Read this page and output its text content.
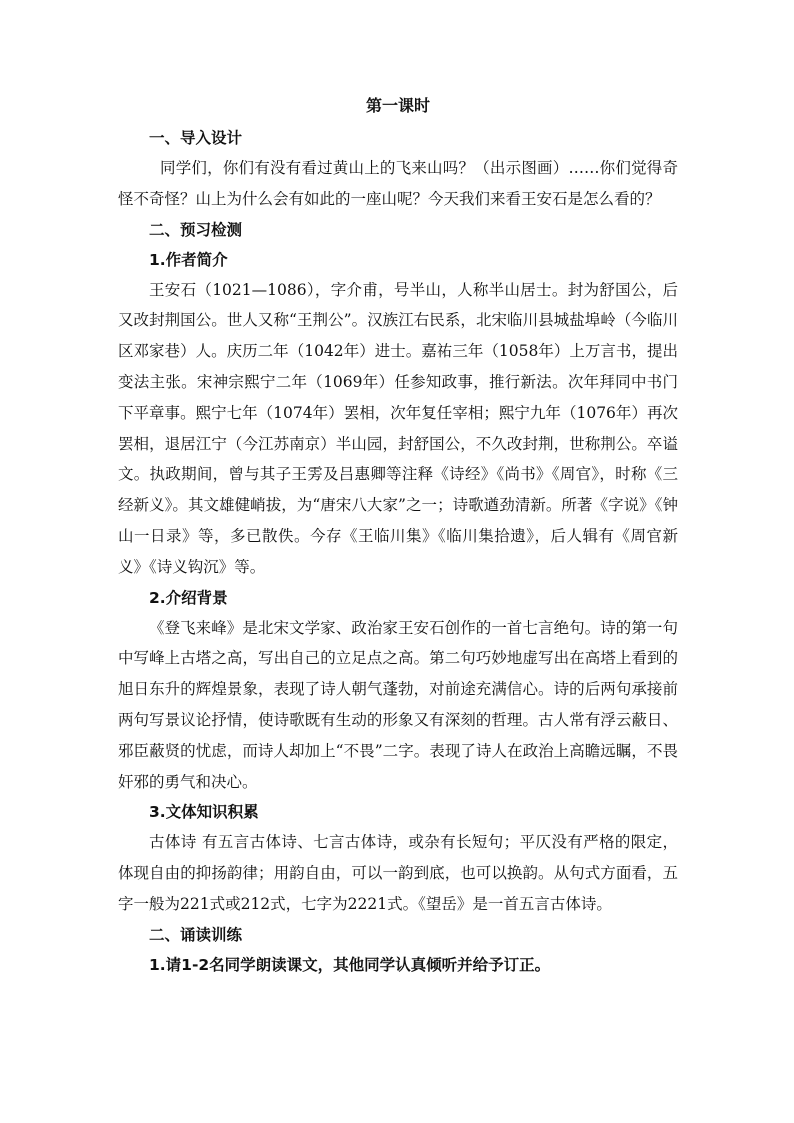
第一课时

一、导入设计

同学们，你们有没有看过黄山上的飞来山吗？（出示图画）……你们觉得奇怪不奇怪？山上为什么会有如此的一座山呢？今天我们来看王安石是怎么看的？

二、预习检测

1.作者简介

王安石（1021—1086），字介甫，号半山，人称半山居士。封为舒国公，后又改封荆国公。世人又称“王荆公”。汉族江右民系，北宋临川县城盐埠岭（今临川区邓家巷）人。庆历二年（1042年）进士。嘉祐三年（1058年）上万言书，提出变法主张。宋神宗熙宁二年（1069年）任参知政事，推行新法。次年拜同中书门下平章事。熙宁七年（1074年）罢相，次年复任宰相；熙宁九年（1076年）再次罢相，退居江宁（今江苏南京）半山园，封舒国公，不久改封荆，世称荆公。卒谥文。执政期间，曾与其子王雱及吕惠卿等注释《诗经》《尚书》《周官》，时称《三经新义》。其文雄健峭拔，为“唐宋八大家”之一；诗歌遒劲清新。所著《字说》《钟山一日录》等，多已散佚。今存《王临川集》《临川集拾遗》，后人辑有《周官新义》《诗义钩沉》等。

2.介绍背景

《登飞来峰》是北宋文学家、政治家王安石创作的一首七言绝句。诗的第一句中写峰上古塔之高，写出自己的立足点之高。第二句巧妙地虚写出在高塔上看到的旭日东升的辉煌景象，表现了诗人朝气蓬勃，对前途充满信心。诗的后两句承接前两句写景议论抒情，使诗歌既有生动的形象又有深刻的哲理。古人常有浮云蔽日、邪臣蔽贤的忧虑，而诗人却加上“不畏”二字。表现了诗人在政治上高瞻远瞩，不畏奸邪的勇气和决心。

3.文体知识积累

古体诗 有五言古体诗、七言古体诗，或杂有长短句；平仄没有严格的限定，体现自由的抑扬韵律；用韵自由，可以一韵到底，也可以换韵。从句式方面看，五字一般为221式或212式，七字为2221式。《望岳》是一首五言古体诗。

二、诵读训练

1.请1-2名同学朗读课文，其他同学认真倾听并给予订正。
